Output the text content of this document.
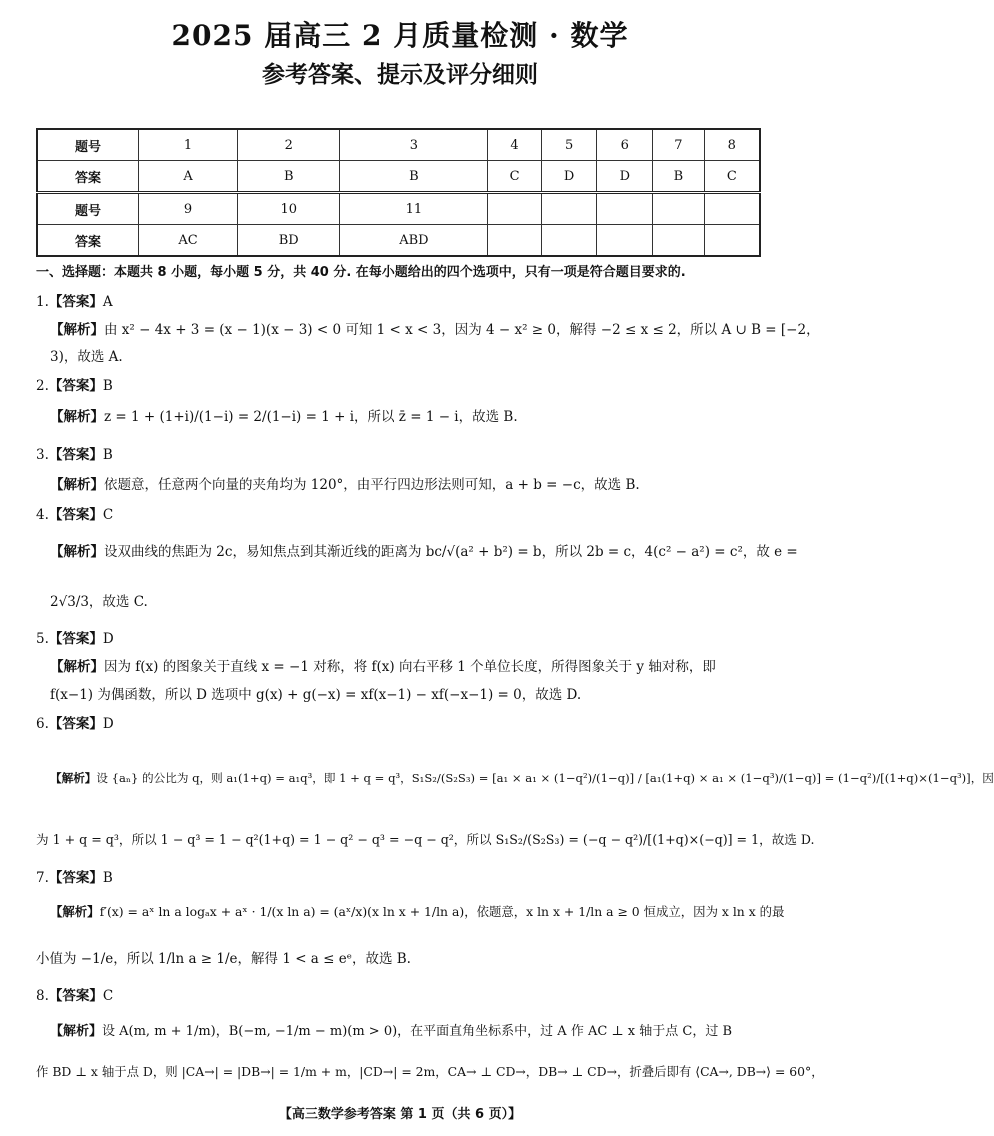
2025 届高三 2 月质量检测 · 数学
参考答案、提示及评分细则
题号	1	2	3	4	5	6	7	8
答案	A	B	B	C	D	D	B	C
题号	9	10	11					
答案	AC	BD	ABD					
一、选择题：本题共 8 小题，每小题 5 分，共 40 分. 在每小题给出的四个选项中，只有一项是符合题目要求的.
1.【答案】A
【解析】由 x² − 4x + 3 = (x − 1)(x − 3) < 0 可知 1 < x < 3，因为 4 − x² ≥ 0，解得 −2 ≤ x ≤ 2，所以 A ∪ B = [−2，
3)，故选 A.
2.【答案】B
【解析】z = 1 + (1+i)/(1−i) = 2/(1−i) = 1 + i，所以 z̄ = 1 − i，故选 B.
3.【答案】B
【解析】依题意，任意两个向量的夹角均为 120°，由平行四边形法则可知，a + b = −c，故选 B.
4.【答案】C
【解析】设双曲线的焦距为 2c，易知焦点到其渐近线的距离为 bc/√(a² + b²) = b，所以 2b = c，4(c² − a²) = c²，故 e =
2√3/3，故选 C.
5.【答案】D
【解析】因为 f(x) 的图象关于直线 x = −1 对称，将 f(x) 向右平移 1 个单位长度，所得图象关于 y 轴对称，即
f(x−1) 为偶函数，所以 D 选项中 g(x) + g(−x) = xf(x−1) − xf(−x−1) = 0，故选 D.
6.【答案】D
【解析】设 {aₙ} 的公比为 q，则 a₁(1+q) = a₁q³，即 1 + q = q³，S₁S₂/(S₂S₃) = [a₁ × a₁ × (1−q²)/(1−q)] / [a₁(1+q) × a₁ × (1−q³)/(1−q)] = (1−q²)/[(1+q)×(1−q³)]，因
为 1 + q = q³，所以 1 − q³ = 1 − q²(1+q) = 1 − q² − q³ = −q − q²，所以 S₁S₂/(S₂S₃) = (−q − q²)/[(1+q)×(−q)] = 1，故选 D.
7.【答案】B
【解析】f′(x) = aˣ ln a logₐx + aˣ · 1/(x ln a) = (aˣ/x)(x ln x + 1/ln a)，依题意，x ln x + 1/ln a ≥ 0 恒成立，因为 x ln x 的最
小值为 −1/e，所以 1/ln a ≥ 1/e，解得 1 < a ≤ eᵉ，故选 B.
8.【答案】C
【解析】设 A(m, m + 1/m)，B(−m, −1/m − m)(m > 0)，在平面直角坐标系中，过 A 作 AC ⊥ x 轴于点 C，过 B
作 BD ⊥ x 轴于点 D，则 |CA→| = |DB→| = 1/m + m，|CD→| = 2m，CA→ ⊥ CD→，DB→ ⊥ CD→，折叠后即有 ⟨CA→, DB→⟩ = 60°，
【高三数学参考答案 第 1 页（共 6 页）】
